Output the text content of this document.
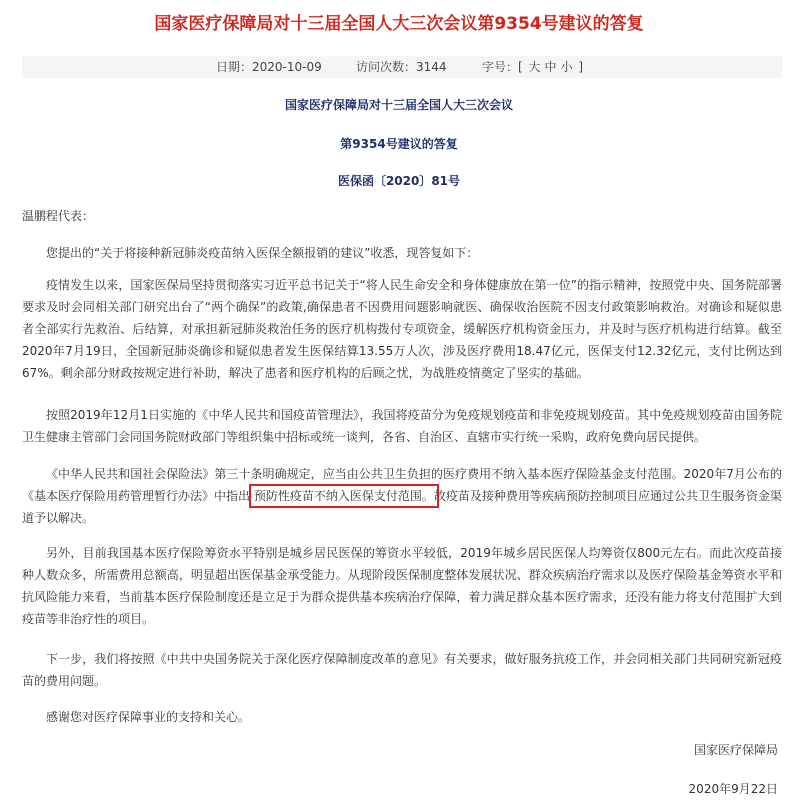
国家医疗保障局对十三届全国人大三次会议第9354号建议的答复
日期：2020-10-09	访问次数：3144	字号：[ 大 中 小 ]
国家医疗保障局对十三届全国人大三次会议
第9354号建议的答复
医保函〔2020〕81号

温鹏程代表：

您提出的“关于将接种新冠肺炎疫苗纳入医保全额报销的建议”收悉，现答复如下：

疫情发生以来，国家医保局坚持贯彻落实习近平总书记关于“将人民生命安全和身体健康放在第一位”的指示精神，按照党中央、国务院部署要求及时会同相关部门研究出台了“两个确保”的政策,确保患者不因费用问题影响就医、确保收治医院不因支付政策影响救治。对确诊和疑似患者全部实行先救治、后结算，对承担新冠肺炎救治任务的医疗机构拨付专项资金，缓解医疗机构资金压力，并及时与医疗机构进行结算。截至2020年7月19日，全国新冠肺炎确诊和疑似患者发生医保结算13.55万人次，涉及医疗费用18.47亿元，医保支付12.32亿元，支付比例达到67%。剩余部分财政按规定进行补助，解决了患者和医疗机构的后顾之忧，为战胜疫情奠定了坚实的基础。

按照2019年12月1日实施的《中华人民共和国疫苗管理法》，我国将疫苗分为免疫规划疫苗和非免疫规划疫苗。其中免疫规划疫苗由国务院卫生健康主管部门会同国务院财政部门等组织集中招标或统一谈判，各省、自治区、直辖市实行统一采购，政府免费向居民提供。

《中华人民共和国社会保险法》第三十条明确规定，应当由公共卫生负担的医疗费用不纳入基本医疗保险基金支付范围。2020年7月公布的《基本医疗保险用药管理暂行办法》中指出 预防性疫苗不纳入医保支付范围。故疫苗及接种费用等疾病预防控制项目应通过公共卫生服务资金渠道予以解决。

另外，目前我国基本医疗保险筹资水平特别是城乡居民医保的筹资水平较低，2019年城乡居民医保人均筹资仅800元左右。而此次疫苗接种人数众多，所需费用总额高，明显超出医保基金承受能力。从现阶段医保制度整体发展状况、群众疾病治疗需求以及医疗保险基金筹资水平和抗风险能力来看，当前基本医疗保险制度还是立足于为群众提供基本疾病治疗保障，着力满足群众基本医疗需求，还没有能力将支付范围扩大到疫苗等非治疗性的项目。

下一步，我们将按照《中共中央国务院关于深化医疗保障制度改革的意见》有关要求，做好服务抗疫工作，并会同相关部门共同研究新冠疫苗的费用问题。

感谢您对医疗保障事业的支持和关心。

国家医疗保障局
2020年9月22日
